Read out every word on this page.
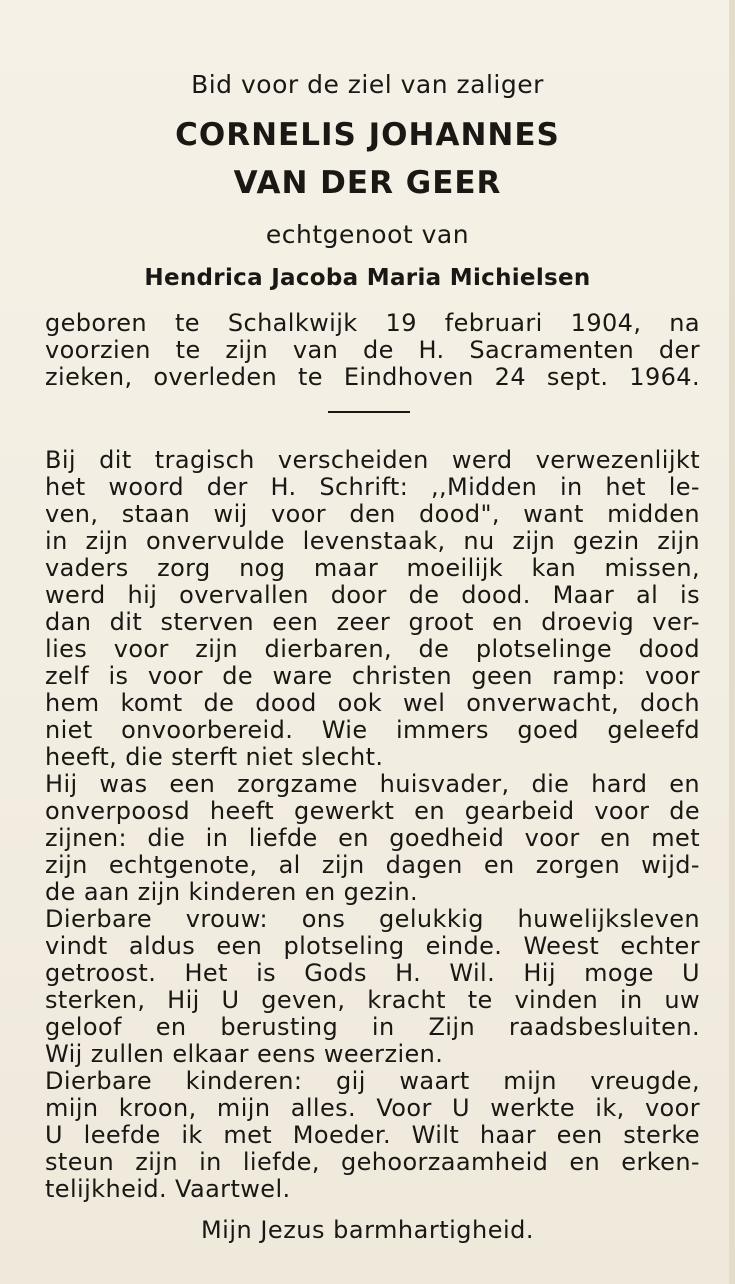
Bid voor de ziel van zaliger
CORNELIS JOHANNES
VAN DER GEER
echtgenoot van
Hendrica Jacoba Maria Michielsen
geboren te Schalkwijk 19 februari 1904, na
voorzien te zijn van de H. Sacramenten der
zieken, overleden te Eindhoven 24 sept. 1964.
Bij dit tragisch verscheiden werd verwezenlijkt
het woord der H. Schrift: ,,Midden in het le-
ven, staan wij voor den dood", want midden
in zijn onvervulde levenstaak, nu zijn gezin zijn
vaders zorg nog maar moeilijk kan missen,
werd hij overvallen door de dood. Maar al is
dan dit sterven een zeer groot en droevig ver-
lies voor zijn dierbaren, de plotselinge dood
zelf is voor de ware christen geen ramp: voor
hem komt de dood ook wel onverwacht, doch
niet onvoorbereid. Wie immers goed geleefd
heeft, die sterft niet slecht.
Hij was een zorgzame huisvader, die hard en
onverpoosd heeft gewerkt en gearbeid voor de
zijnen: die in liefde en goedheid voor en met
zijn echtgenote, al zijn dagen en zorgen wijd-
de aan zijn kinderen en gezin.
Dierbare vrouw: ons gelukkig huwelijksleven
vindt aldus een plotseling einde. Weest echter
getroost. Het is Gods H. Wil. Hij moge U
sterken, Hij U geven, kracht te vinden in uw
geloof en berusting in Zijn raadsbesluiten.
Wij zullen elkaar eens weerzien.
Dierbare kinderen: gij waart mijn vreugde,
mijn kroon, mijn alles. Voor U werkte ik, voor
U leefde ik met Moeder. Wilt haar een sterke
steun zijn in liefde, gehoorzaamheid en erken-
telijkheid. Vaartwel.
Mijn Jezus barmhartigheid.
